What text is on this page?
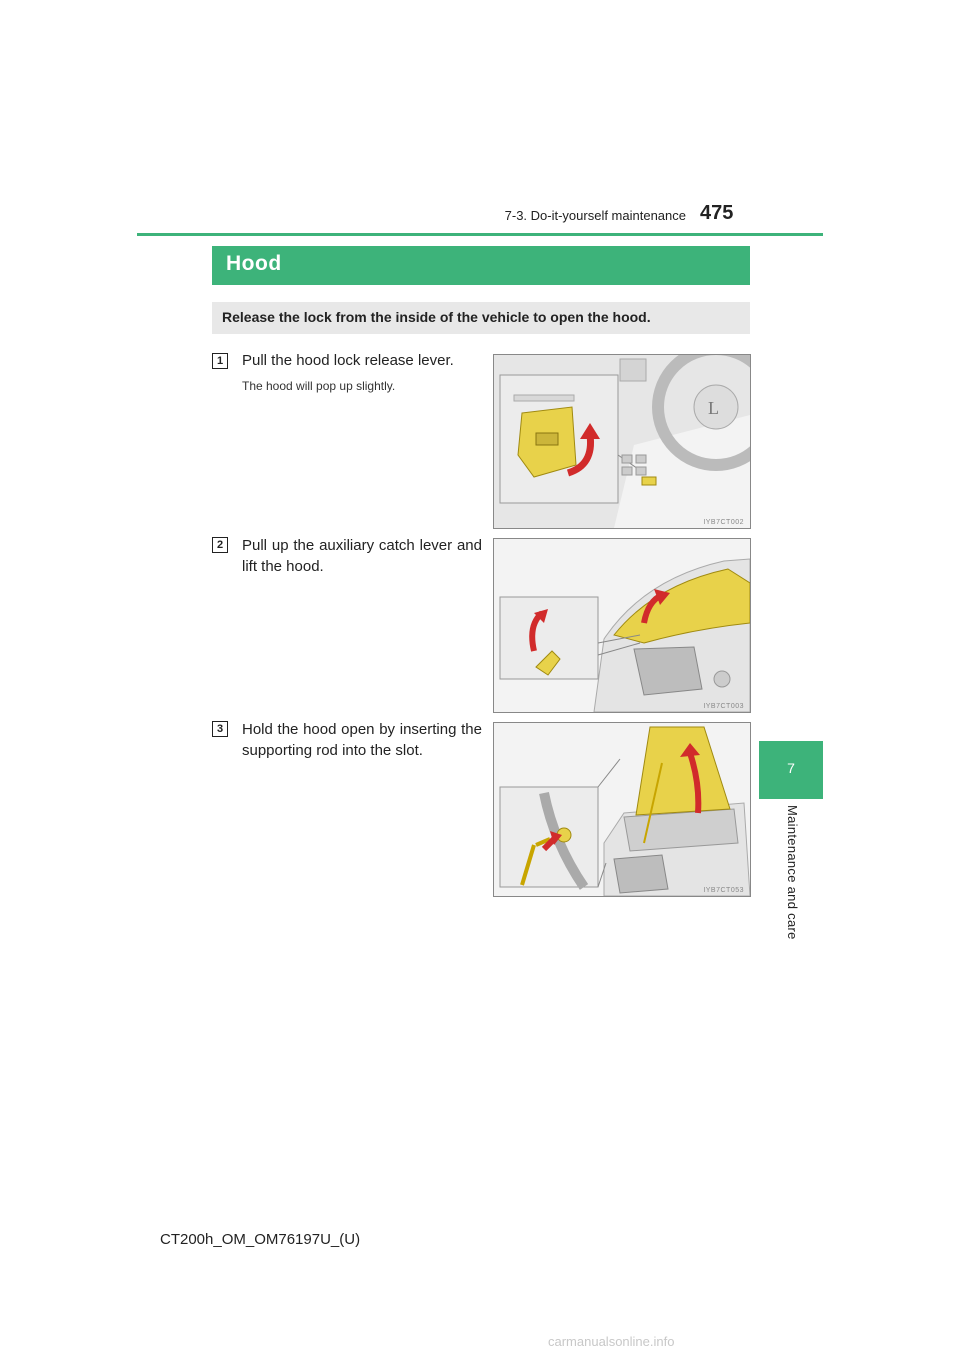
7-3. Do-it-yourself maintenance 475
Hood
Release the lock from the inside of the vehicle to open the hood.
1	Pull the hood lock release lever.
The hood will pop up slightly.
L
IYB7CT002
2	Pull up the auxiliary catch lever and lift the hood.
IYB7CT003
3	Hold the hood open by inserting the supporting rod into the slot.
IYB7CT053
7
Maintenance and care
CT200h_OM_OM76197U_(U)
carmanualsonline.info
